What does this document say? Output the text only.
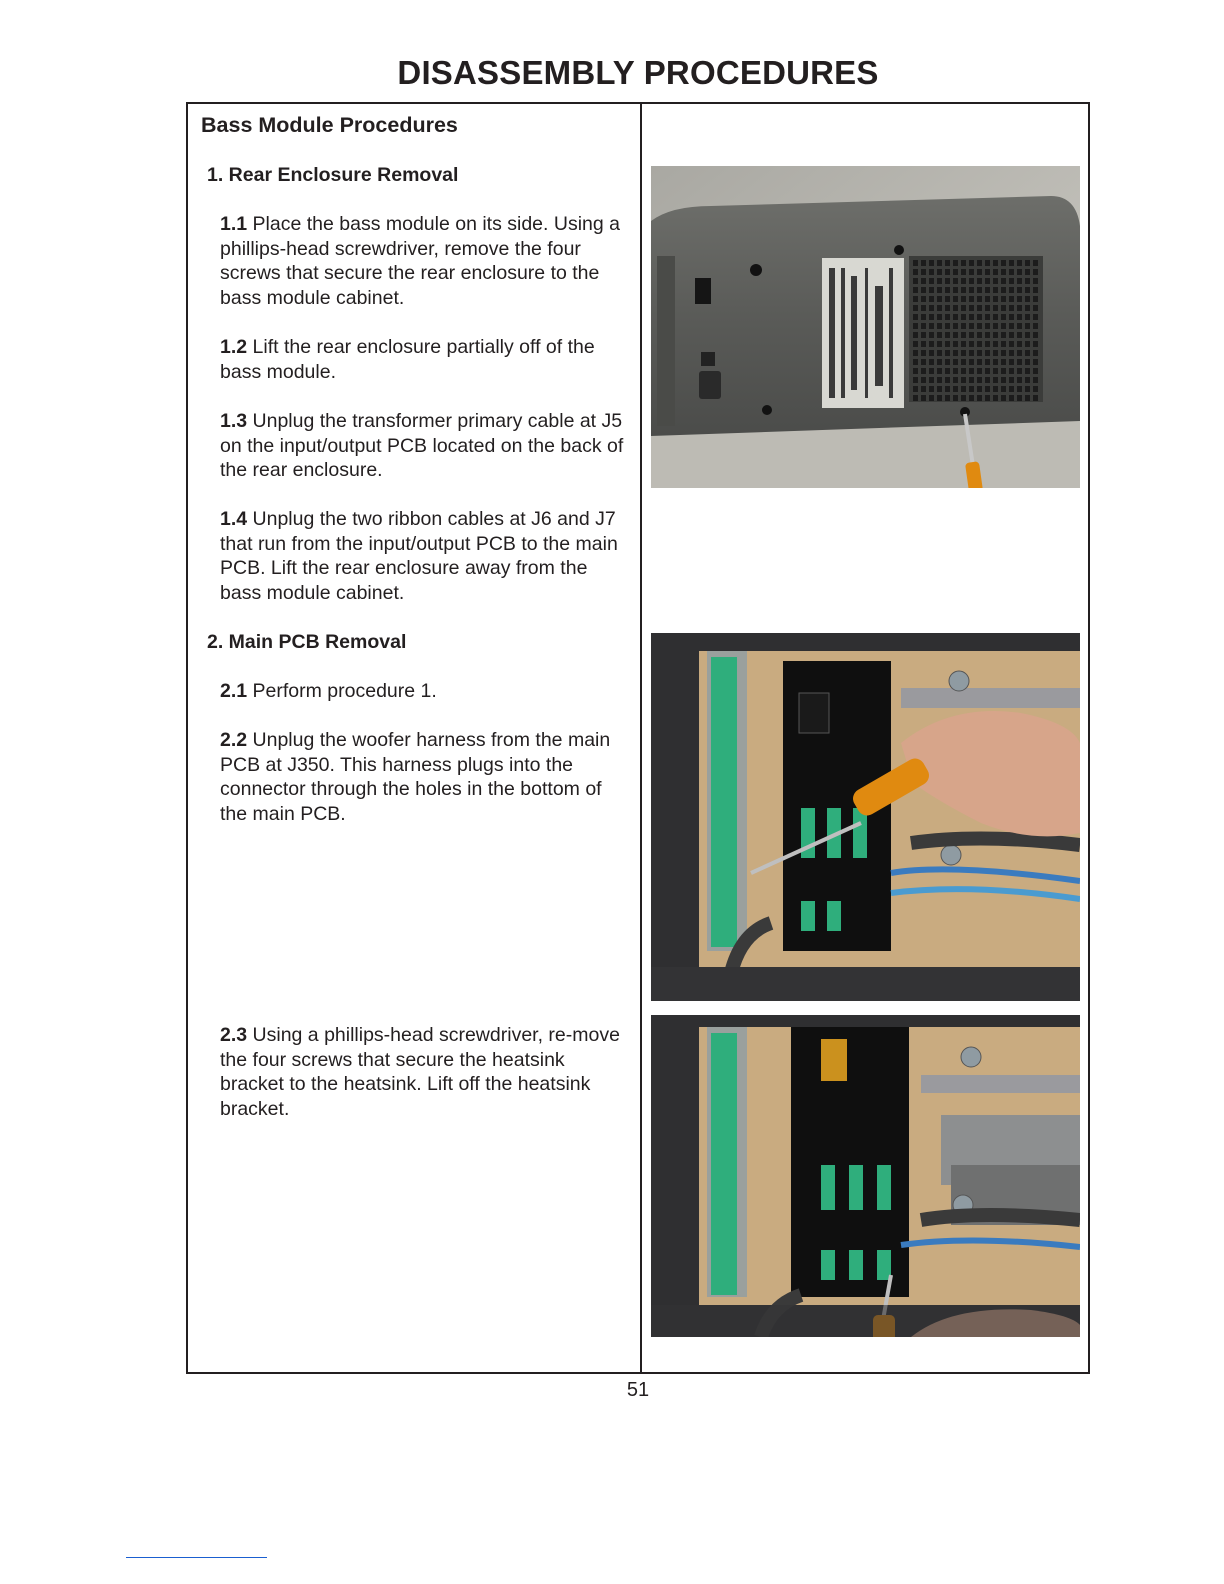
DISASSEMBLY PROCEDURES
Bass Module Procedures
1. Rear Enclosure Removal
1.1 Place the bass module on its side. Using a phillips-head screwdriver, remove the four screws that secure the rear enclosure to the bass module cabinet.
1.2 Lift the rear enclosure partially off of the bass module.
1.3 Unplug the transformer primary cable at J5 on the input/output PCB located on the back of the rear enclosure.
1.4 Unplug the two ribbon cables at J6 and J7 that run from the input/output PCB to the main PCB. Lift the rear enclosure away from the bass module cabinet.
2. Main PCB Removal
2.1 Perform procedure 1.
2.2 Unplug the woofer harness from the main PCB at J350. This harness plugs into the connector through the holes in the bottom of the main PCB.
2.3 Using a phillips-head screwdriver, re-move the four screws that secure the heatsink bracket to the heatsink. Lift off the heatsink bracket.
51
